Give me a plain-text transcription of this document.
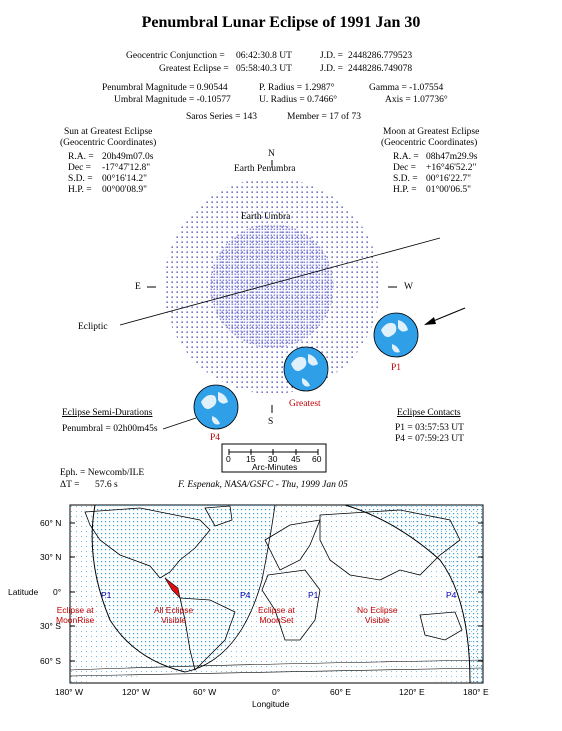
Penumbral Lunar Eclipse of 1991 Jan 30
Geocentric Conjunction = 06:42:30.8 UT	J.D. = 2448286.779523
Greatest Eclipse = 05:58:40.3 UT	J.D. = 2448286.749078
Penumbral Magnitude = 0.90544	P. Radius = 1.2987°	Gamma = -1.07554
Umbral Magnitude = -0.10577	U. Radius = 0.7466°	Axis = 1.07736°
Saros Series = 143	Member = 17 of 73
Sun at Greatest Eclipse
(Geocentric Coordinates)
R.A. = 20h49m07.0s
Dec = -17°47'12.8"
S.D. = 00°16'14.2"
H.P. = 00°00'08.9"
Moon at Greatest Eclipse
(Geocentric Coordinates)
R.A. = 08h47m29.9s
Dec = +16°46'52.2"
S.D. = 00°16'22.7"
H.P. = 01°00'06.5"
N
S
E	W
Earth Penumbra
Earth Umbra
Ecliptic
P1
Greatest
P4
Eclipse Semi-Durations
Penumbral = 02h00m45s
Eclipse Contacts
P1 = 03:57:53 UT
P4 = 07:59:23 UT
0 15 30 45 60
Arc-Minutes
Eph. = Newcomb/ILE
ΔT = 57.6 s	F. Espenak, NASA/GSFC - Thu, 1999 Jan 05
60° N
30° N
Latitude 0°
30° S
60° S
180° W	120° W	60° W	0°	60° E	120° E	180° E
Longitude
Eclipse at
MoonRise
All Eclipse
Visible
Eclipse at
MoonSet
No Eclipse
Visible
P1	P4	P1	P4
